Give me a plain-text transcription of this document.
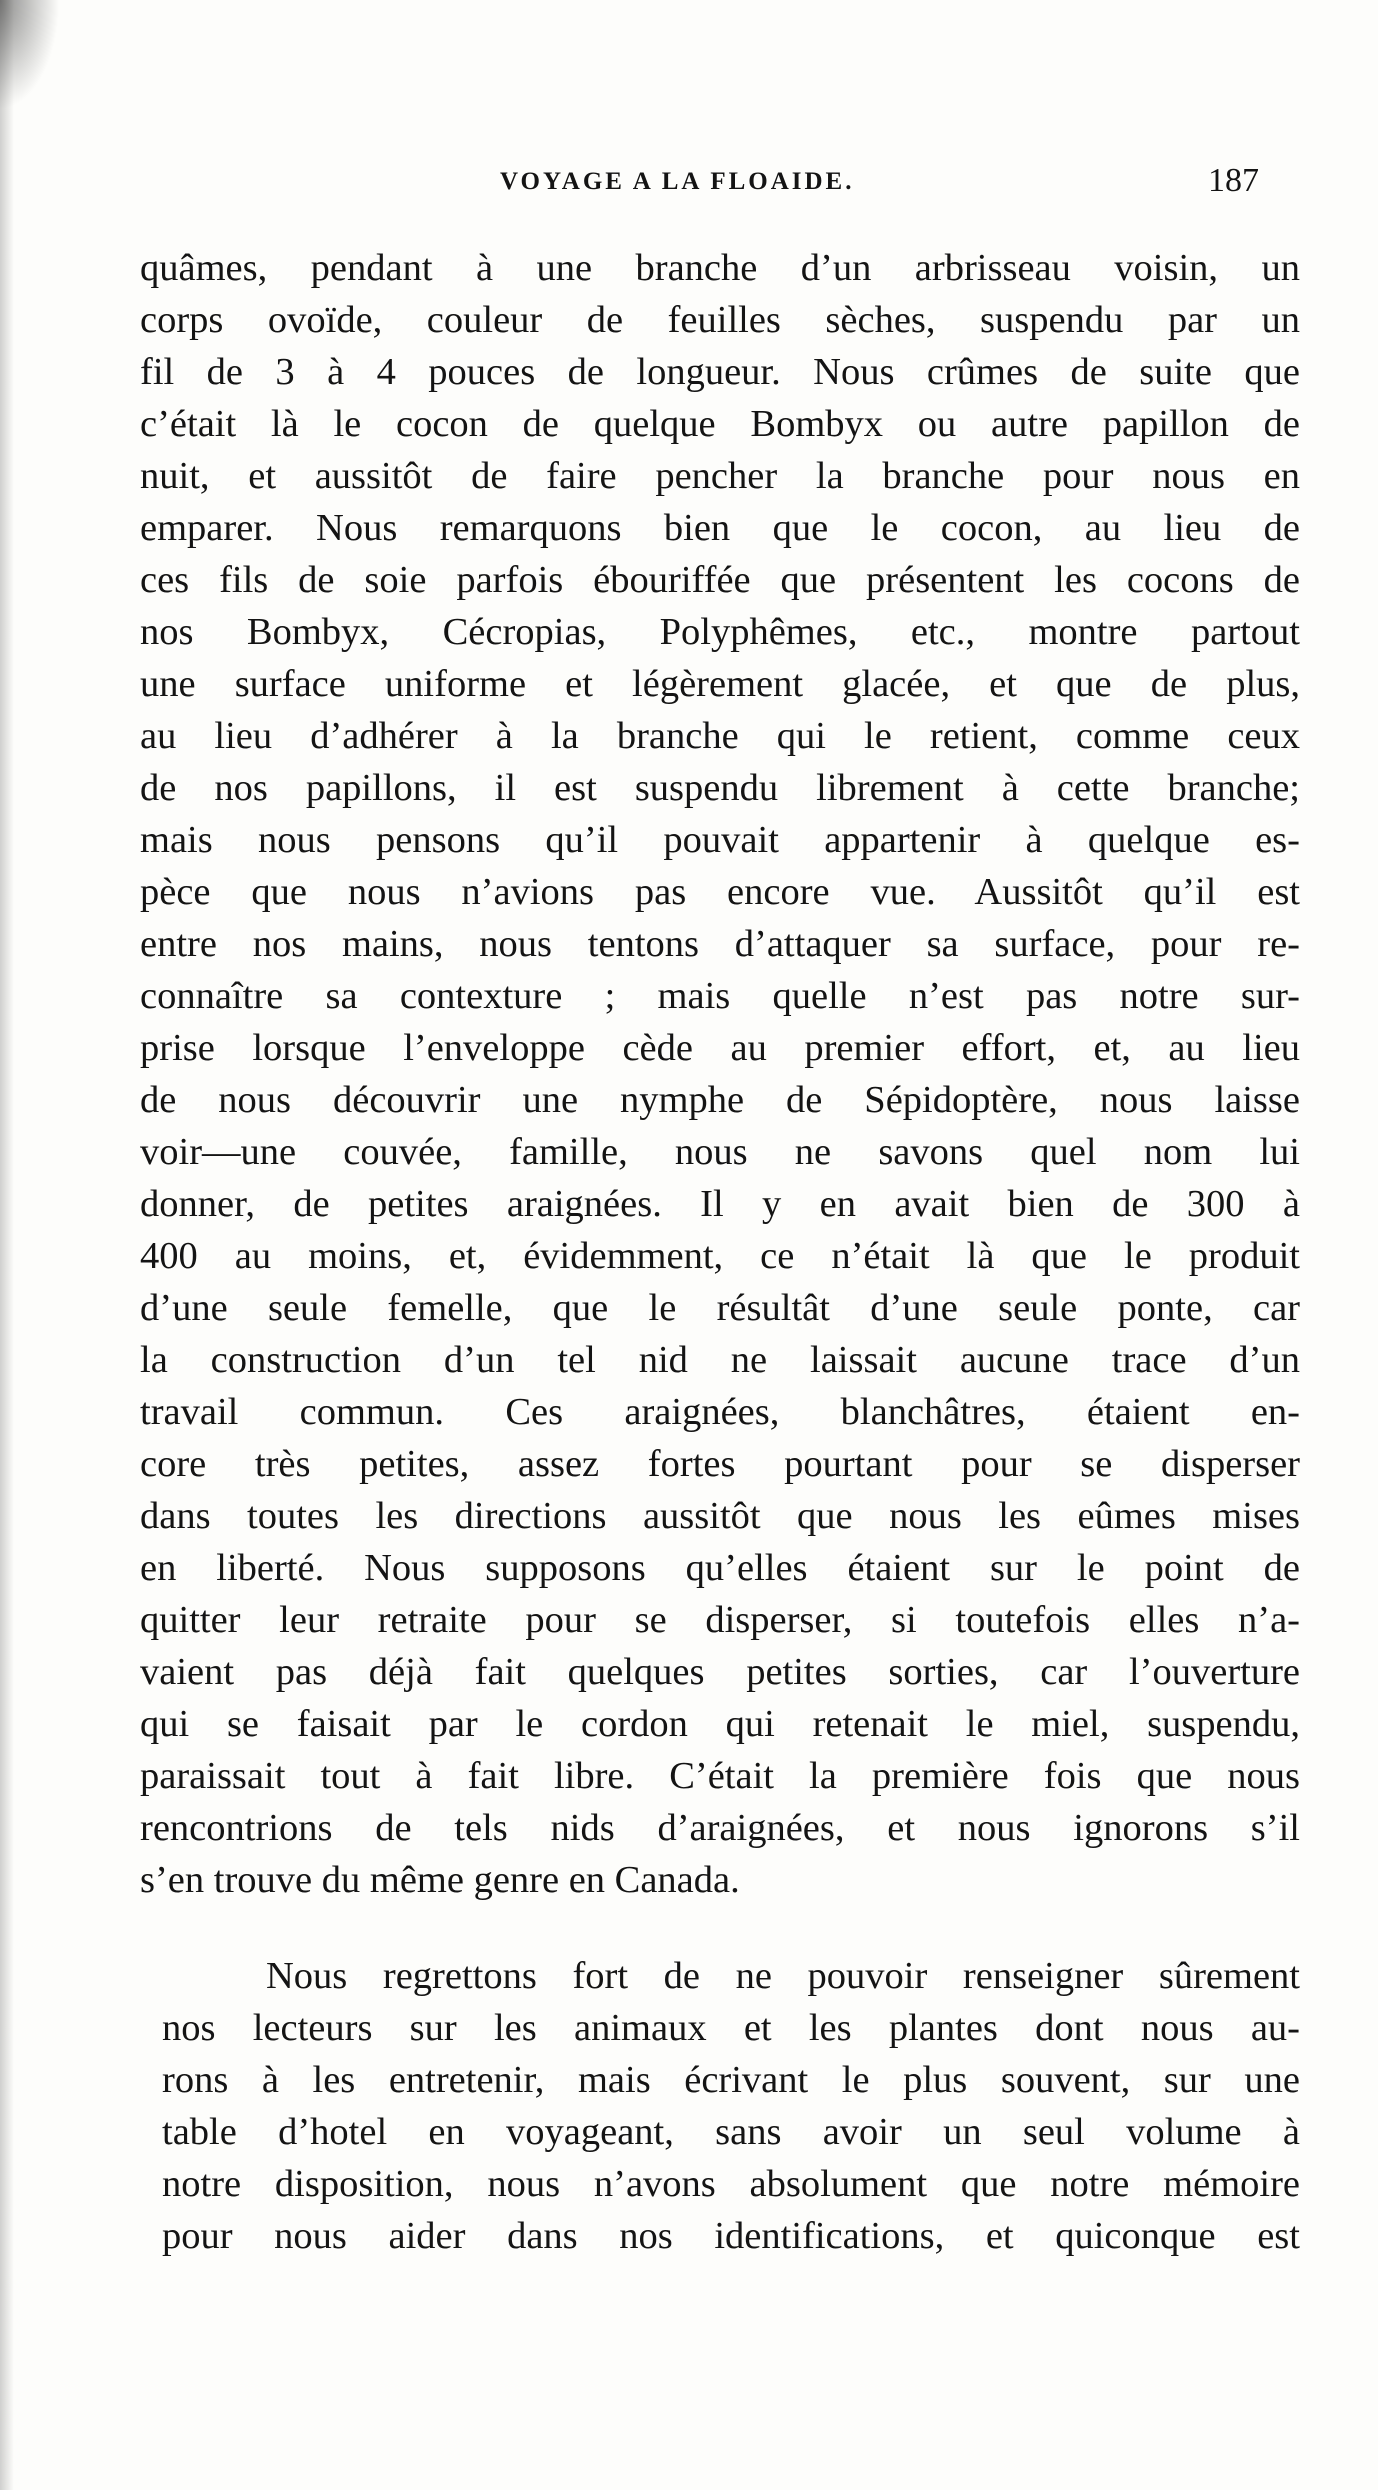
VOYAGE A LA FLOAIDE.	187
quâmes, pendant à une branche d’un arbrisseau voisin, un
corps ovoïde, couleur de feuilles sèches, suspendu par un
fil de 3 à 4 pouces de longueur. Nous crûmes de suite que
c’était là le cocon de quelque Bombyx ou autre papillon de
nuit, et aussitôt de faire pencher la branche pour nous en
emparer. Nous remarquons bien que le cocon, au lieu de
ces fils de soie parfois ébouriffée que présentent les cocons de
nos Bombyx, Cécropias, Polyphêmes, etc., montre partout
une surface uniforme et légèrement glacée, et que de plus,
au lieu d’adhérer à la branche qui le retient, comme ceux
de nos papillons, il est suspendu librement à cette branche;
mais nous pensons qu’il pouvait appartenir à quelque es-
pèce que nous n’avions pas encore vue. Aussitôt qu’il est
entre nos mains, nous tentons d’attaquer sa surface, pour re-
connaître sa contexture ; mais quelle n’est pas notre sur-
prise lorsque l’enveloppe cède au premier effort, et, au lieu
de nous découvrir une nymphe de Sépidoptère, nous laisse
voir—une couvée, famille, nous ne savons quel nom lui
donner, de petites araignées. Il y en avait bien de 300 à
400 au moins, et, évidemment, ce n’était là que le produit
d’une seule femelle, que le résultât d’une seule ponte, car
la construction d’un tel nid ne laissait aucune trace d’un
travail commun. Ces araignées, blanchâtres, étaient en-
core très petites, assez fortes pourtant pour se disperser
dans toutes les directions aussitôt que nous les eûmes mises
en liberté. Nous supposons qu’elles étaient sur le point de
quitter leur retraite pour se disperser, si toutefois elles n’a-
vaient pas déjà fait quelques petites sorties, car l’ouverture
qui se faisait par le cordon qui retenait le miel, suspendu,
paraissait tout à fait libre. C’était la première fois que nous
rencontrions de tels nids d’araignées, et nous ignorons s’il
s’en trouve du même genre en Canada.
Nous regrettons fort de ne pouvoir renseigner sûrement
nos lecteurs sur les animaux et les plantes dont nous au-
rons à les entretenir, mais écrivant le plus souvent, sur une
table d’hotel en voyageant, sans avoir un seul volume à
notre disposition, nous n’avons absolument que notre mémoire
pour nous aider dans nos identifications, et quiconque est
